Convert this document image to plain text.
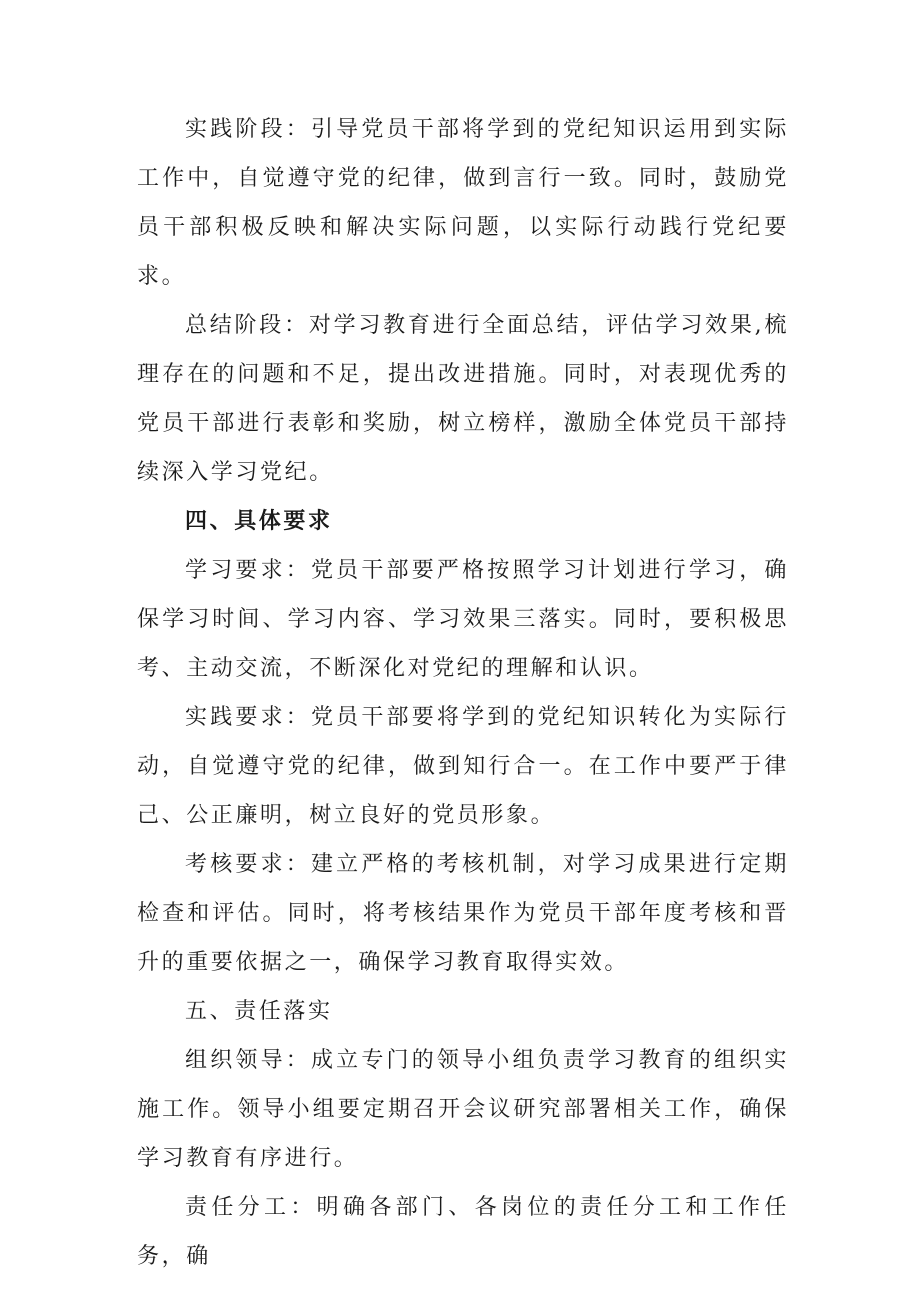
实践阶段：引导党员干部将学到的党纪知识运用到实际工作中，自觉遵守党的纪律，做到言行一致。同时，鼓励党员干部积极反映和解决实际问题，以实际行动践行党纪要求。

总结阶段：对学习教育进行全面总结，评估学习效果,梳理存在的问题和不足，提出改进措施。同时，对表现优秀的党员干部进行表彰和奖励，树立榜样，激励全体党员干部持续深入学习党纪。

四、具体要求

学习要求：党员干部要严格按照学习计划进行学习，确保学习时间、学习内容、学习效果三落实。同时，要积极思考、主动交流，不断深化对党纪的理解和认识。

实践要求：党员干部要将学到的党纪知识转化为实际行动，自觉遵守党的纪律，做到知行合一。在工作中要严于律己、公正廉明，树立良好的党员形象。

考核要求：建立严格的考核机制，对学习成果进行定期检查和评估。同时，将考核结果作为党员干部年度考核和晋升的重要依据之一，确保学习教育取得实效。

五、责任落实

组织领导：成立专门的领导小组负责学习教育的组织实施工作。领导小组要定期召开会议研究部署相关工作，确保学习教育有序进行。

责任分工：明确各部门、各岗位的责任分工和工作任务，确
